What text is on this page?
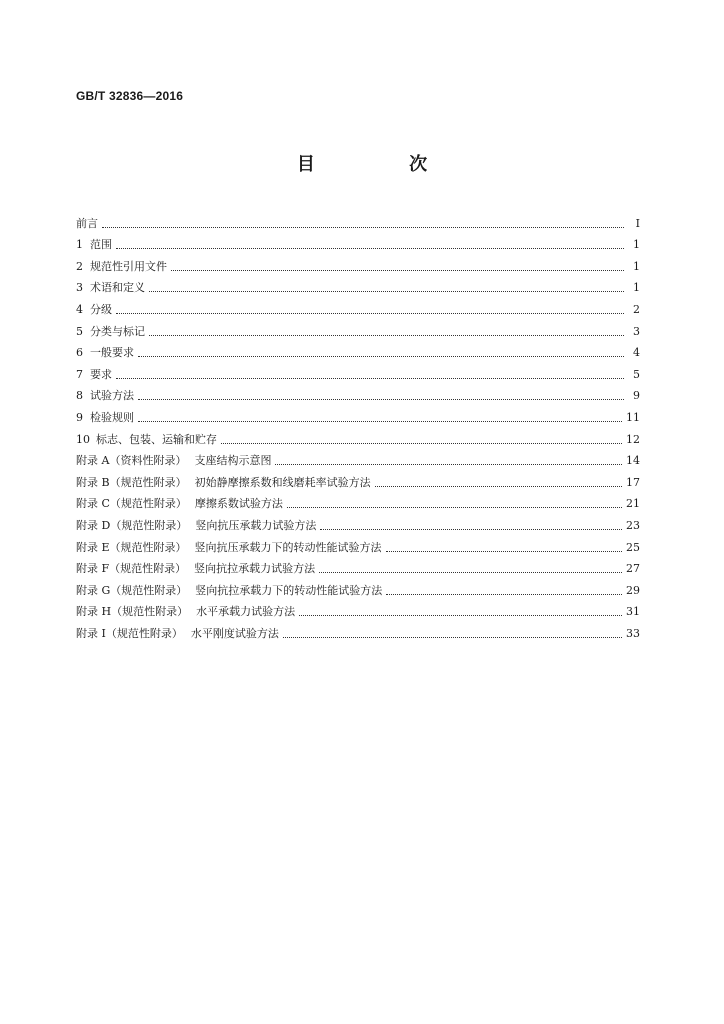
GB/T 32836—2016
目 次
前言	I
1 范围	1
2 规范性引用文件	1
3 术语和定义	1
4 分级	2
5 分类与标记	3
6 一般要求	4
7 要求	5
8 试验方法	9
9 检验规则	11
10 标志、包装、运输和贮存	12
附录 A（资料性附录） 支座结构示意图	14
附录 B（规范性附录） 初始静摩擦系数和线磨耗率试验方法	17
附录 C（规范性附录） 摩擦系数试验方法	21
附录 D（规范性附录） 竖向抗压承载力试验方法	23
附录 E（规范性附录） 竖向抗压承载力下的转动性能试验方法	25
附录 F（规范性附录） 竖向抗拉承载力试验方法	27
附录 G（规范性附录） 竖向抗拉承载力下的转动性能试验方法	29
附录 H（规范性附录） 水平承载力试验方法	31
附录 I（规范性附录） 水平刚度试验方法	33
